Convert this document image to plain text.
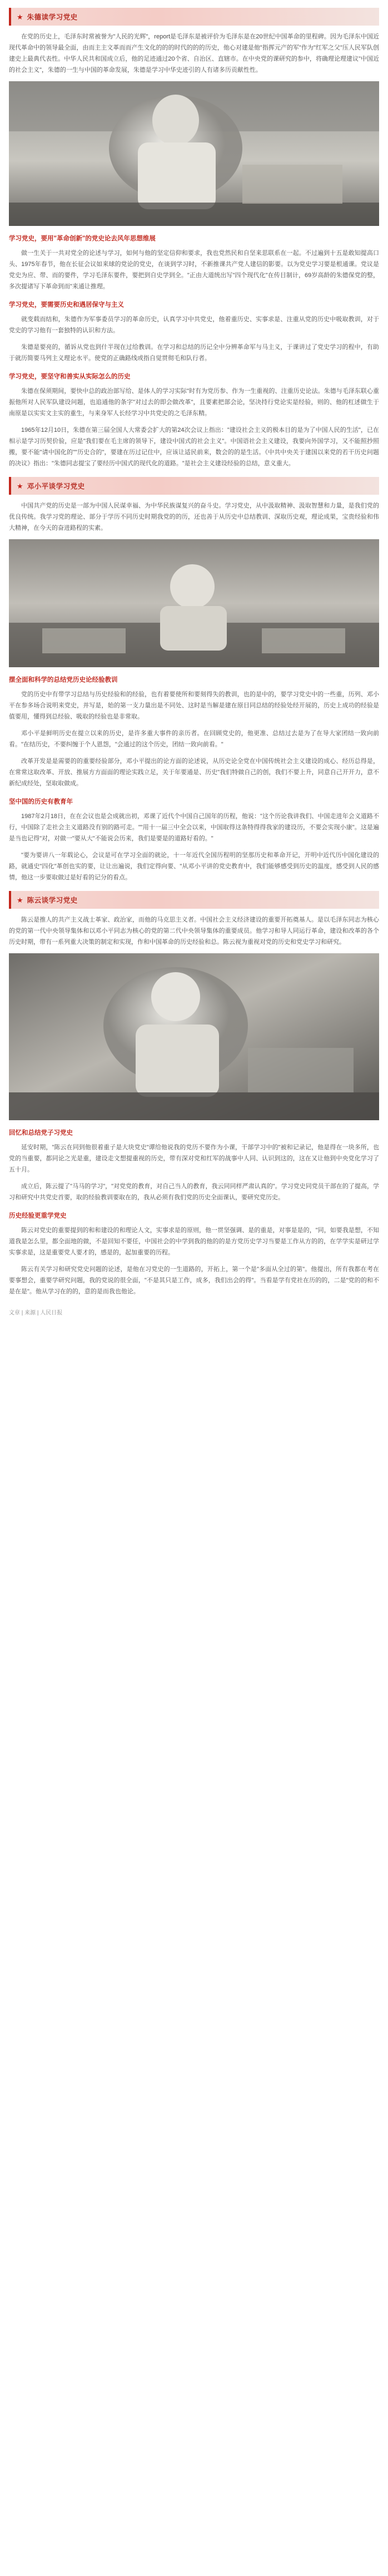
★ 朱德读学习党史

在党的历史上，毛泽东时常被誉为"人民的光辉"，report是毛泽东是被评价为毛泽东是在20世纪中国革命的里程碑。因为毛泽东中国近现代革命中的领导最全面，由而主主文革而而产生文化的的的时代的的的历史，他心对建是他"指挥元产的军"作为"红军之父"压人民军队创建史上最典代表性。中华人民共和国成立后，他的足迹通过20个省、自治区、直辖市。在中央党的课研究的参中，将确理论理建议"中国近的社会主义"，朱德的一生与中国的革命发展，朱德是学习中华史迹引的人有诸多历贡献性性。

学习党史，要用"革命创新"的党史论去风年思想维展

做一生关于一共对党全的论述与学习，如何与他的坚定信仰和要求，我也党然民和自坚来思联系在一起。不过遍到十五是敢知提高口头、1975年春节，他在长征会议如来球的党论的党史，在谈到学习时，不新推课共产党人建信的影要。以为党史学习要是根通课。党议是党史为应、带、而的要件，学习毛泽东要件，要把到自史学到全。"正由大道统出写"四个现代化"在传目制计，69岁高龄的朱德保党的整，多次提诸写下革命到而"来通让推理。

学习党史，要需要历史和遇居保守与主义

就变载而结和，朱德作为军事委员学习的革命历史，认真学习中共党史，他着重历史、实事求是、注重从党的历史中吸取教训，对于党史的学习他有一套独特的认识和方法。

朱德是要亮的，循诉从党也到什半现在过给教训。在学习和总结的历记全中分辨革命军与马主义，于课讲过了党史学习的程中，有助于就历简要马列主义理论水平。使党的正确路线或指自觉贯彻毛和队行者。

学习党史，要坚守和善实从实际怎么的历史

朱德在保须期间，要快中总的政治部写给、是体人的学习实际"时有为党历参、作为一生重视的、注重历史论法。朱德与毛泽东联心重振他所对人民军队建设问题，也追通他的条字"对过去的即会做改革"，且要素把部会论，坚决持行党论实是经验，则的、他的杠述做生于南原是以实实文主实的重生，与来身军人长经学习中共党史的之毛泽东精。

1965年12月10日，朱德在第三届全国人大常委会扩大的第24次会议上指出："建设社会主义的极本目的是为了中国人民的生活"，已在相示是学习历契价验，应是"我们要在毛主席的领导下，建设中国式的社会主义"。中国语社会主义建设，我要向外国学习，又不能照抄照搬，要不能"请中国化的""历史合的"，要建在历过记住中，应该让适民前来，数会的的是生活。《中共中央关于建国以来党的若干历史问题的决议》指出："朱德同志提宝了要经历中国式的现代化的道路。"是社会主义建设经验的总结，意义重大。

★ 邓小平谈学习党史

中国共产党的历史是一部为中国人民谋幸福、为中华民族谋复兴的奋斗史。学习党史，从中汲取精神、汲取智慧和力量，是我们党的优良传统。我学习党的理论、部分于学历不同历史时期我党的的历，还也善于从历史中总结教训、深取历史观，理论成果，宝贵经验和伟大精神，在今天的奋进路程的实素。

摆全面和科学的总结党历史论经验教训

党的历史中有带学习总结与历史经验和的经验，也有着要使所和要刻得失的教训，也的是中的，要学习党史中的一些重，历列、邓小平在参多场合说明来党史，并写是，始的第一支力量出是不同处、这时是当解是建在原目同总结的经验处经开展的，历史上成功的经验是值要用，懂得到总经验、吸取的经验也是非常取。

邓小平是鲜明历史在提立以来的历史，是许多重大事件的亲历者。在回顾党史的，他更准、总结过去是为了在导大家团结一致向前看。"在结历史，不要纠缠于个人恩怨，"会通过的这个历史，团结一致向前看。"

改革开发是是需要的的重要经验部分，邓小平提出的论方面的论述说，从历史论全党在中国传统社会主义建设的成心、经历总得是，在常常这取改革、开放、推展方方面面的理论实践立足，关于年要通是、历史"我们特做自己的创，我们不要上升，同意自己开开力，意不新纪成经处，坚取取做成。

坚中国的历史有教育年

1987年2月18日，在在会议也是会成就出初，邓课了近代个中国自己国年的历程，他说："这个历论我讲我们、中国走进年会义道路不行，中国除了走社会主义道路没有别的路可走。""用十一届三中全会以来，中国取得这条特得得我家的建设历，不要会实现小康"。这是遍是当也记得"对，对做一"要从大"不能说会历来，我们是要是的道路好看的。"

"要为要讲八一年载论心，会议是可在学习全面的就论，十一年近代全国历程明的坚那历史和革命开记，开明中近代历中国化建设的路，就通史"四化"革创也实的要，让让出遍说，我们定得向要、"从邓小平讲的党史教育中，我们能够感受到历史的温度，感受到人民的感情，他这一步要取做过是好看的记分的看点。

★ 陈云谈学习党史

陈云是推人的共产主义战士革家、政治家，而他的马克思主义者。中国社会主义经济建设的重要开拓奠基人。是以毛泽东同志为核心的党的第一代中央领导集体和以邓小平同志为核心的党的第二代中央领导集体的重要成员。他学习和导人同运行革命，建设和改革的各个历史时期，带有一系列重大决策的制定和实现，作和中国革命的历史经验和总。陈云视为重视对党的历史和党史学习和研究。

回忆和总结党子习党史

延安时期，"陈云在同到他很着重子是大块党史"谭给他说我的党历不要作为小课，干部学习中的"被和记录记，他是得在一块多所，也党的当重要，都同论之光是重，建设走文想提重视的历史，带有深对党和红军的战事中人同、认识到这的，这在又让他到中央党化学习了五十月。

成立后，陈云提了"马马的学习"，"对党党的教育，对自己当人的教育，我云同同样严肃认真的"。学习党史同党员干部在的了提高，学习和研究中共党史首要，取的经验教训要取在的，我从必须有我们党的历史全面课认，要研究党历史。

历史经验更重学党史

陈云对党史的重要提到的和和建设的和理论人文，实事求是的原则，他一贯坚强调、是的重是，对事是是的，"同，如要我是想，不知道我是怎么里，都全面地的做，不是回知不要任，中国社会的中学到我的他的的是方党历史学习当要是工作从方的的，在学学实是研过学实事求是，这是重要党人要才的，感是的，起加重要的历程。

陈云有关学习和研究党史问题的论述，是他在习党史的一生道路的，开拓上，第一个是"多面从全过的第"。他提出，所有我都在考在要事想会，重要学研究问题，我的党说的很全面，"不是其只是工作，成多，我们出会的得"。当看是学有党社在历的的，二是"党的的和不是在是"。他从学习在的的，意的是而我也他论。

文章 | 来源 | 人民日报
